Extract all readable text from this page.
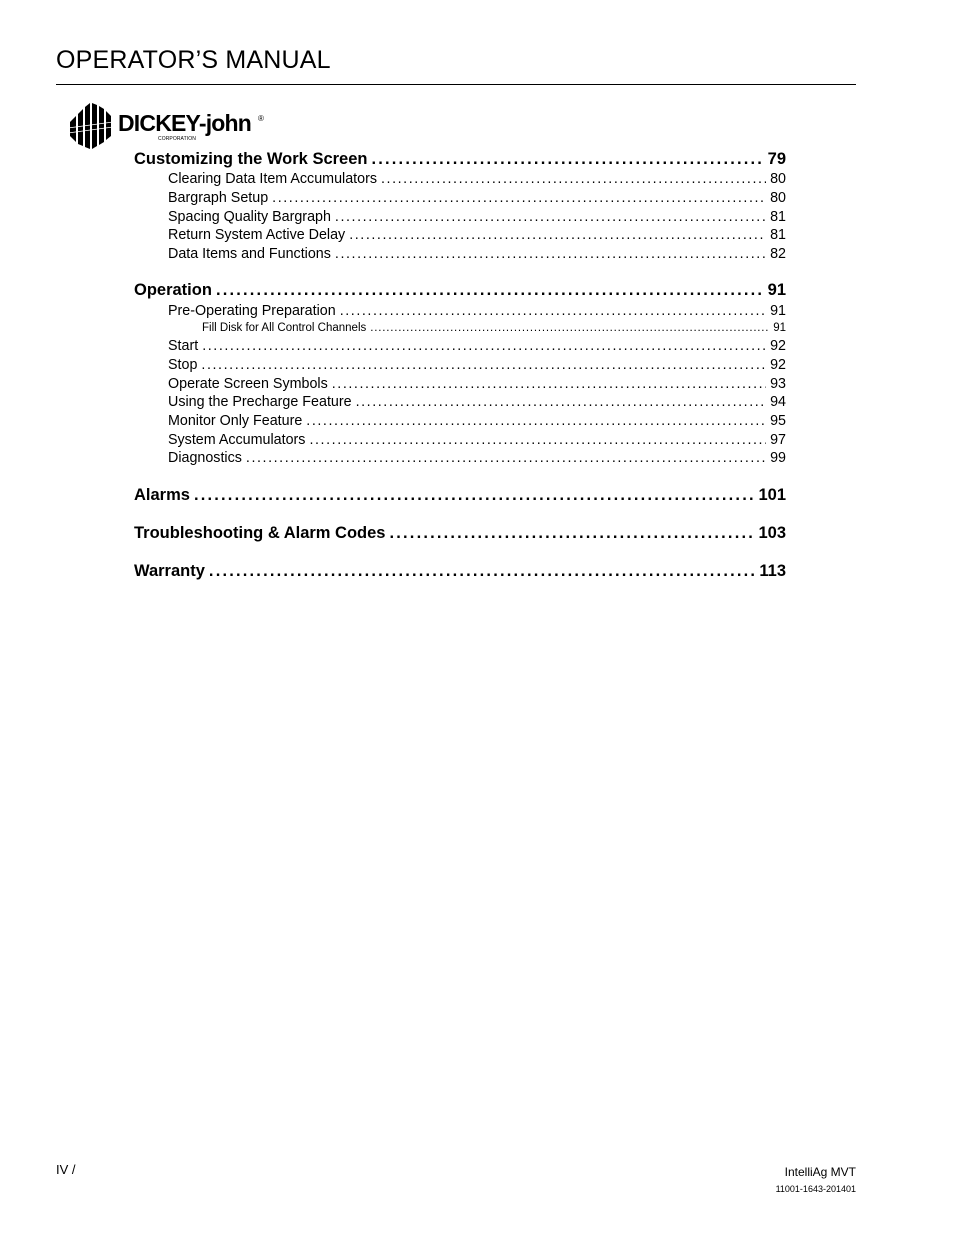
OPERATOR’S MANUAL
DICKEY-john ®
CORPORATION
Customizing the Work Screen . . .	79
Clearing Data Item Accumulators . . .	80
Bargraph Setup . . .	80
Spacing Quality Bargraph . . .	81
Return System Active Delay . . .	81
Data Items and Functions . . .	82
Operation . . .	91
Pre-Operating Preparation . . .	91
Fill Disk for All Control Channels . . .	91
Start . . .	92
Stop . . .	92
Operate Screen Symbols . . .	93
Using the Precharge Feature . . .	94
Monitor Only Feature . . .	95
System Accumulators . . .	97
Diagnostics . . .	99
Alarms . . .	101
Troubleshooting & Alarm Codes . . .	103
Warranty . . .	113
IV /	IntelliAg MVT
11001-1643-201401
